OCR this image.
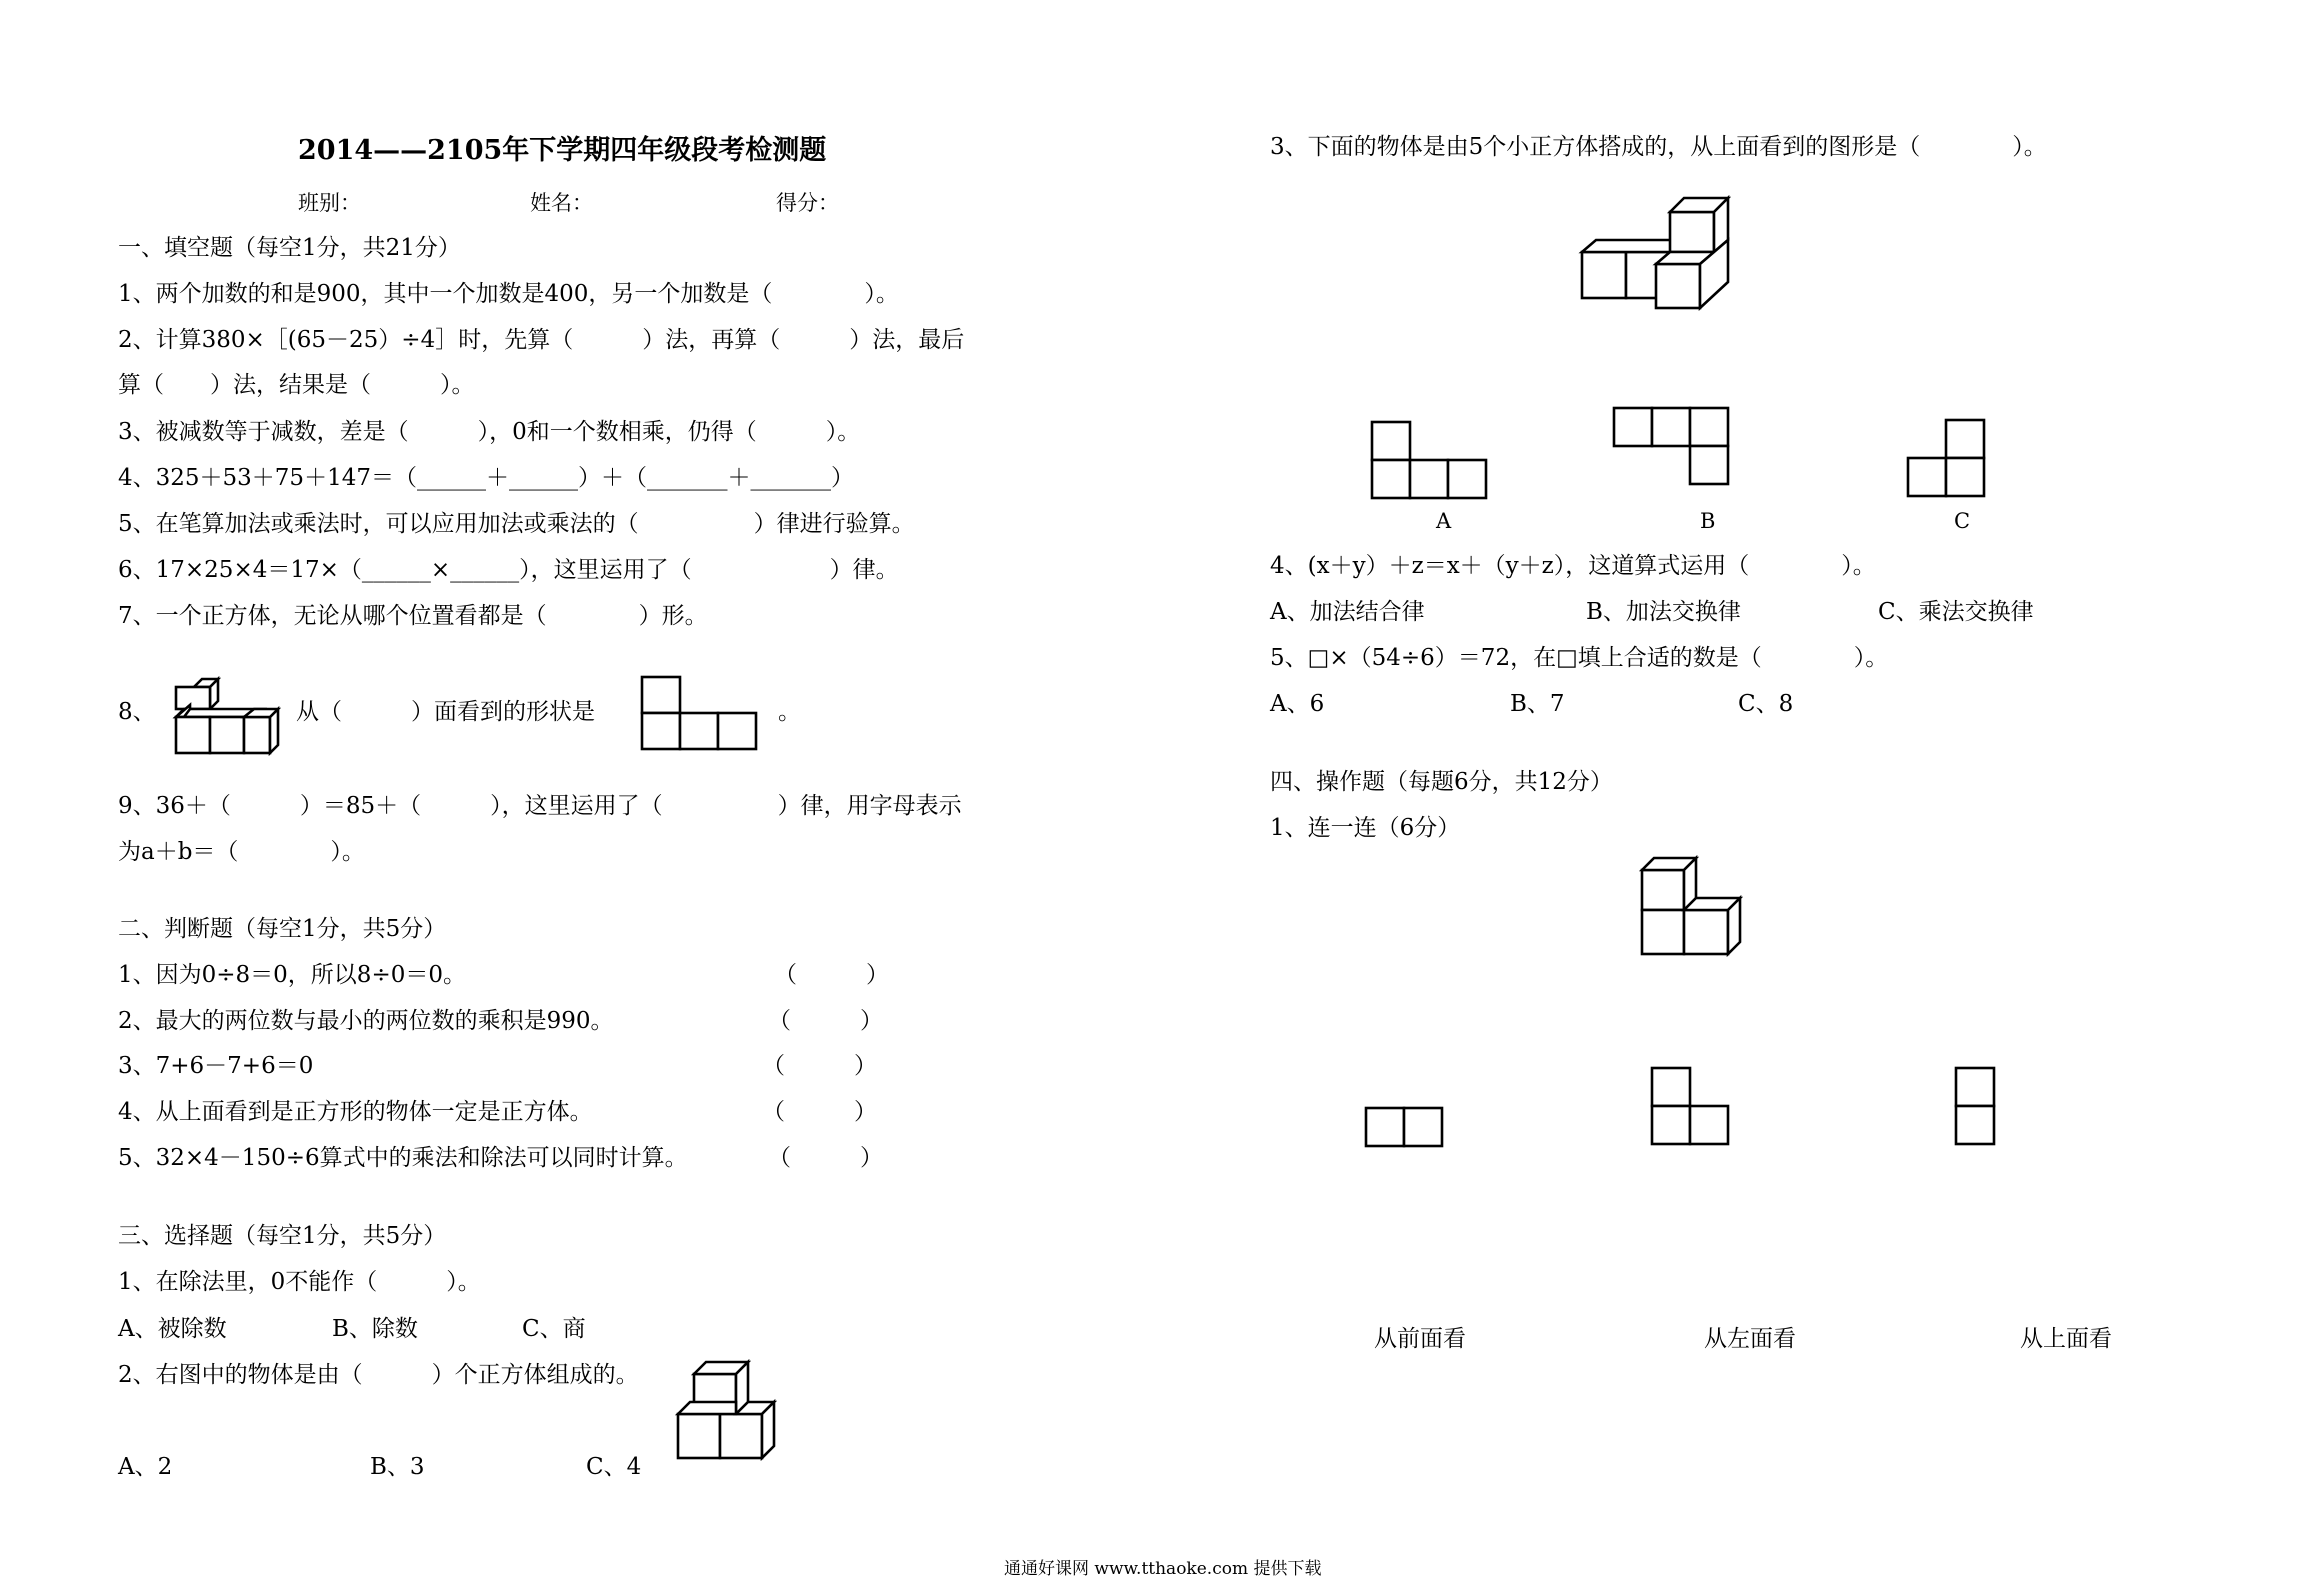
2014——2105年下学期四年级段考检测题
班别：	姓名：	得分：
一、填空题（每空1分，共21分）
1、两个加数的和是900，其中一个加数是400，另一个加数是（　　　　）。
2、计算380×［(65－25）÷4］时，先算（　　　）法，再算（　　　）法，最后
算（　　）法，结果是（　　　）。
3、被减数等于减数，差是（　　　），0和一个数相乘，仍得（　　　）。
4、325＋53＋75＋147＝（______＋______）＋（_______＋_______）
5、在笔算加法或乘法时，可以应用加法或乘法的（　　　　　）律进行验算。
6、17×25×4＝17×（______×______），这里运用了（　　　　　　）律。
7、一个正方体，无论从哪个位置看都是（　　　　）形。
8、	从（　　　）面看到的形状是	。
9、36＋（　　　）＝85＋（　　　），这里运用了（　　　　　）律，用字母表示
为a＋b＝（　　　　）。
二、判断题（每空1分，共5分）
1、因为0÷8＝0，所以8÷0＝0。	（　　　）
2、最大的两位数与最小的两位数的乘积是990。	（　　　）
3、7+6－7+6＝0	（　　　）
4、从上面看到是正方形的物体一定是正方体。	（　　　）
5、32×4－150÷6算式中的乘法和除法可以同时计算。	（　　　）
三、选择题（每空1分，共5分）
1、在除法里，0不能作（　　　）。
A、被除数	B、除数	C、商
2、右图中的物体是由（　　　）个正方体组成的。
A、2	B、3	C、4
3、下面的物体是由5个小正方体搭成的，从上面看到的图形是（　　　　）。
A	B	C
4、(x＋y）＋z＝x＋（y＋z），这道算式运用（　　　　）。
A、加法结合律	B、加法交换律	C、乘法交换律
5、□×（54÷6）＝72，在□填上合适的数是（　　　　）。
A、6	B、7	C、8
四、操作题（每题6分，共12分）
1、连一连（6分）
从前面看	从左面看	从上面看
通通好课网 www.tthaoke.com 提供下载
